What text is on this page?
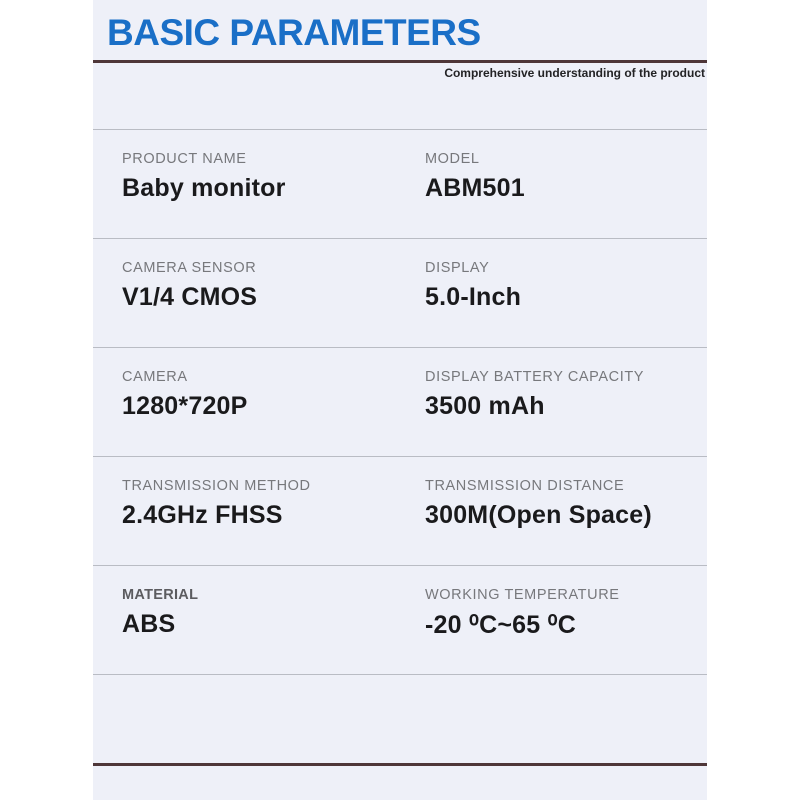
BASIC PARAMETERS
Comprehensive understanding of the product
PRODUCT NAME
Baby monitor
MODEL
ABM501
CAMERA SENSOR
V1/4 CMOS
DISPLAY
5.0-Inch
CAMERA
1280*720P
DISPLAY BATTERY CAPACITY
3500 mAh
TRANSMISSION METHOD
2.4GHz FHSS
TRANSMISSION DISTANCE
300M(Open Space)
MATERIAL
ABS
WORKING TEMPERATURE
-20 ⁰C~65 ⁰C
